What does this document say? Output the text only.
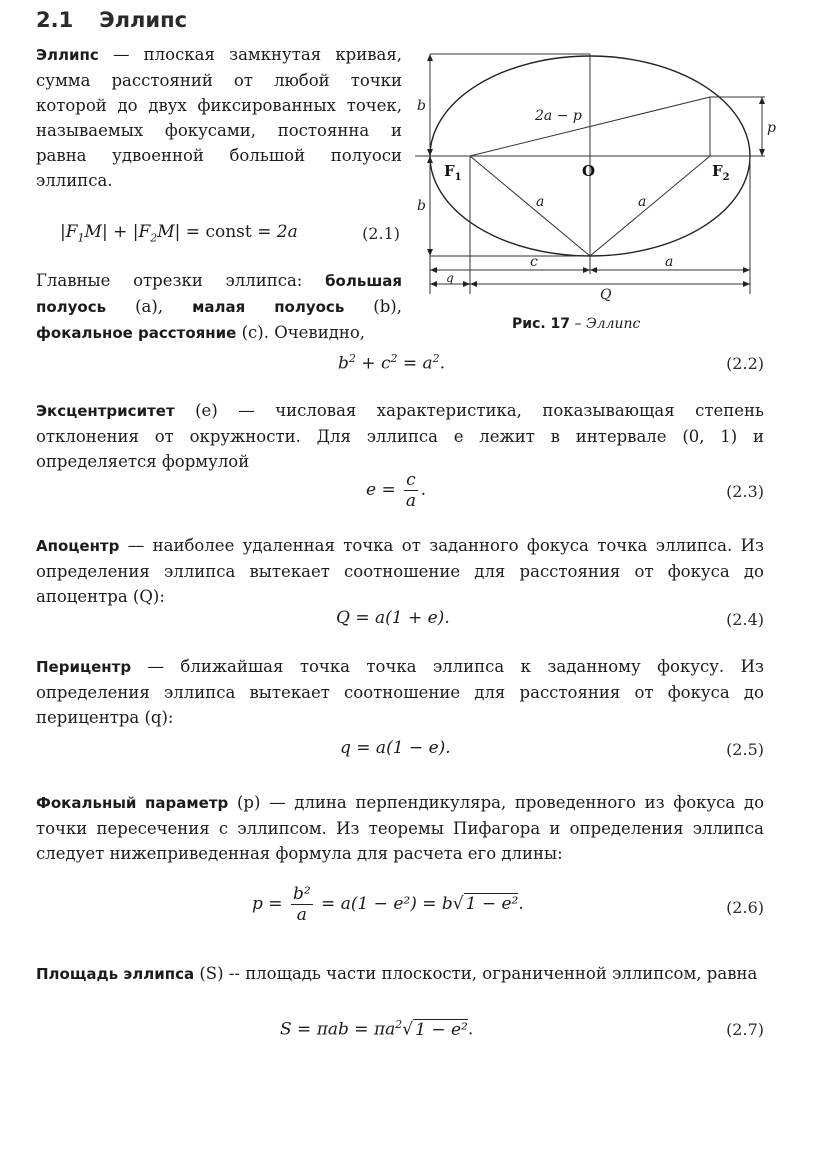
2.1 Эллипс
Эллипс — плоская замкнутая кривая, сумма расстояний от любой точки которой до двух фиксированных точек, называемых фокусами, постоянна и равна удвоенной большой полуоси эллипса.
$|F_1M| + |F_2M|$ = const = 2a	(2.1)
Главные отрезки эллипса: большая полуось (a), малая полуось (b), фокальное расстояние (c). Очевидно,
b
b
2a − p
p
a	a
q
c	a
Q
$F_1$	O	$F_2$
Рис. 17 – Эллипс
$b^2 + c^2 = a^2$.	(2.2)
Эксцентриситет (e) — числовая характеристика, показывающая степень отклонения от окружности. Для эллипса e лежит в интервале (0, 1) и определяется формулой
$e = \frac{c}{a}$ .	(2.3)
Апоцентр — наиболее удаленная точка от заданного фокуса точка эллипса. Из определения эллипса вытекает соотношение для расстояния от фокуса до апоцентра (Q):
Q = a(1 + e).	(2.4)
Перицентр — ближайшая точка точка эллипса к заданному фокусу. Из определения эллипса вытекает соотношение для расстояния от фокуса до перицентра (q):
q = a(1 − e).	(2.5)
Фокальный параметр (p) — длина перпендикуляра, проведенного из фокуса до точки пересечения с эллипсом. Из теоремы Пифагора и определения эллипса следует нижеприведенная формула для расчета его длины:
$p = \frac{\text{b²}}{a} = a(1 - e^2) = b√$ 1 − e².	(2.6)
Площадь эллипса (S) -- площадь части плоскости, ограниченной эллипсом, равна
$S = \pi ab = \pi a^2√$ 1 − e².	(2.7)
